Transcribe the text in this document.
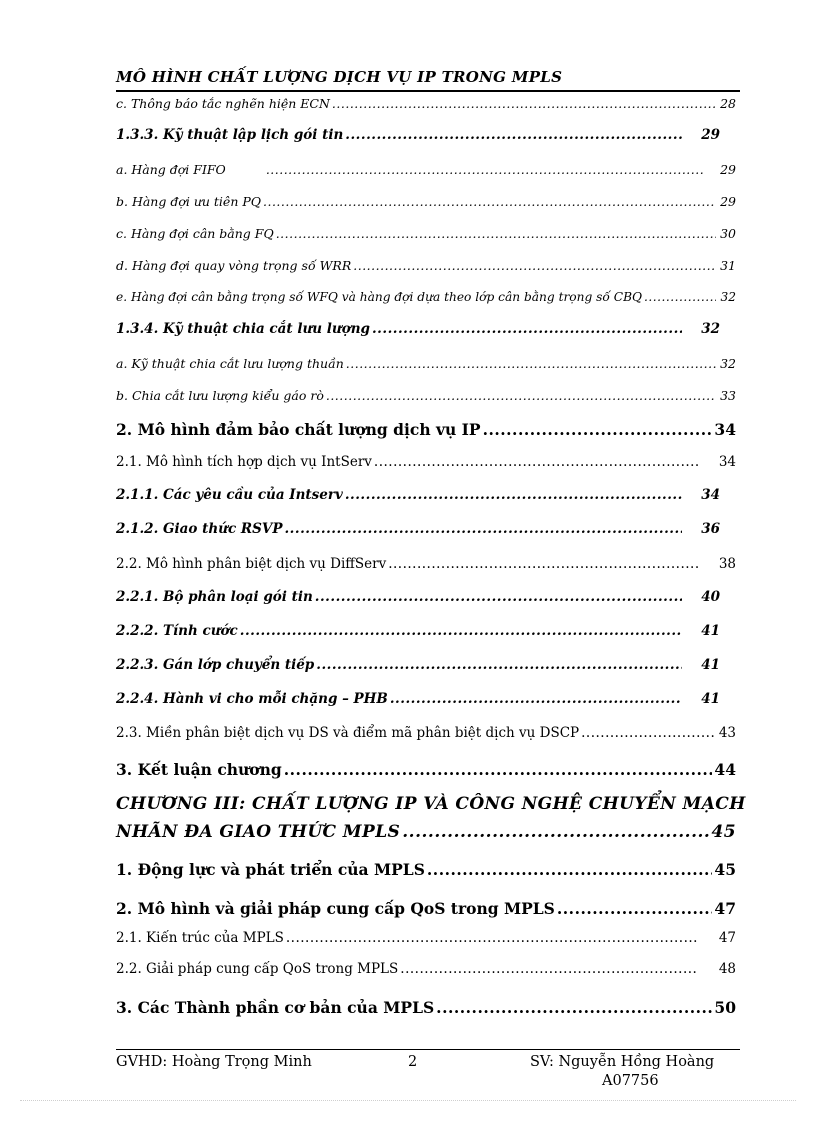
MÔ HÌNH CHẤT LƯỢNG DỊCH VỤ IP TRONG MPLS
c. Thông báo tắc nghẽn hiện ECN .....	28
1.3.3. Kỹ thuật lập lịch gói tin .....	29
a. Hàng đợi FIFO .....	29
b. Hàng đợi ưu tiên PQ .....	29
c. Hàng đợi cân bằng FQ .....	30
d. Hàng đợi quay vòng trọng số WRR .....	31
e. Hàng đợi cân bằng trọng số WFQ và hàng đợi dựa theo lớp cân bằng trọng số CBQ .....	32
1.3.4. Kỹ thuật chia cắt lưu lượng .....	32
a. Kỹ thuật chia cắt lưu lượng thuần .....	32
b. Chia cắt lưu lượng kiểu gáo rò .....	33
2. Mô hình đảm bảo chất lượng dịch vụ IP .....	34
2.1. Mô hình tích hợp dịch vụ IntServ .....	34
2.1.1. Các yêu cầu của Intserv .....	34
2.1.2. Giao thức RSVP .....	36
2.2. Mô hình phân biệt dịch vụ DiffServ .....	38
2.2.1. Bộ phân loại gói tin .....	40
2.2.2. Tính cước .....	41
2.2.3. Gán lớp chuyển tiếp .....	41
2.2.4. Hành vi cho mỗi chặng – PHB .....	41
2.3. Miền phân biệt dịch vụ DS và điểm mã phân biệt dịch vụ DSCP .....	43
3. Kết luận chương .....	44
CHƯƠNG III: CHẤT LƯỢNG IP VÀ CÔNG NGHỆ CHUYỂN MẠCH
NHÃN ĐA GIAO THỨC MPLS .....	45
1. Động lực và phát triển của MPLS .....	45
2. Mô hình và giải pháp cung cấp QoS trong MPLS .....	47
2.1. Kiến trúc của MPLS .....	47
2.2. Giải pháp cung cấp QoS trong MPLS .....	48
3. Các Thành phần cơ bản của MPLS .....	50
GVHD: Hoàng Trọng Minh	2	SV: Nguyễn Hồng Hoàng
A07756
